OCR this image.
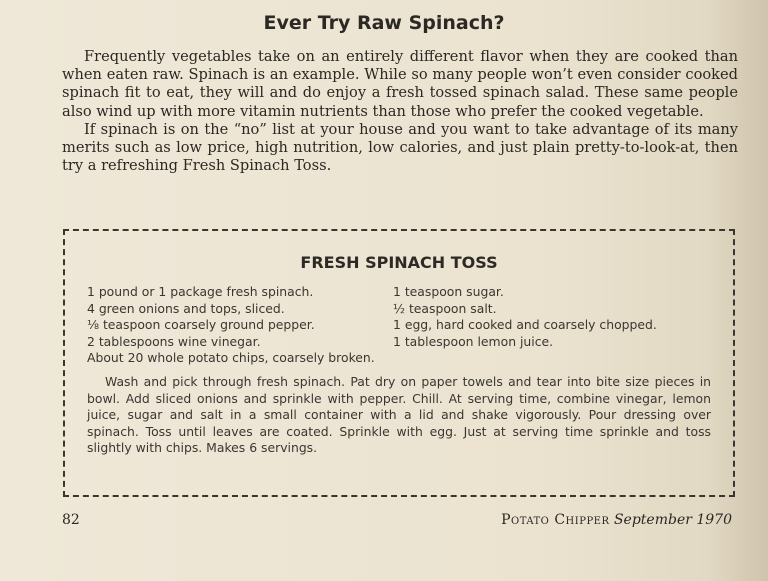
Ever Try Raw Spinach?

Frequently vegetables take on an entirely different flavor when they are cooked than when eaten raw. Spinach is an example. While so many people won’t even consider cooked spinach fit to eat, they will and do enjoy a fresh tossed spinach salad. These same people also wind up with more vitamin nutrients than those who prefer the cooked vegetable.

If spinach is on the “no” list at your house and you want to take advantage of its many merits such as low price, high nutrition, low calories, and just plain pretty-to-look-at, then try a refreshing Fresh Spinach Toss.

FRESH SPINACH TOSS
1 pound or 1 package fresh spinach.	1 teaspoon sugar.
4 green onions and tops, sliced.	½ teaspoon salt.
⅛ teaspoon coarsely ground pepper.	1 egg, hard cooked and coarsely chopped.
2 tablespoons wine vinegar.	1 tablespoon lemon juice.
About 20 whole potato chips, coarsely broken.
Wash and pick through fresh spinach. Pat dry on paper towels and tear into bite size pieces in bowl. Add sliced onions and sprinkle with pepper. Chill. At serving time, combine vinegar, lemon juice, sugar and salt in a small container with a lid and shake vigorously. Pour dressing over spinach. Toss until leaves are coated. Sprinkle with egg. Just at serving time sprinkle and toss slightly with chips. Makes 6 servings.
82	Potato Chipper September 1970
